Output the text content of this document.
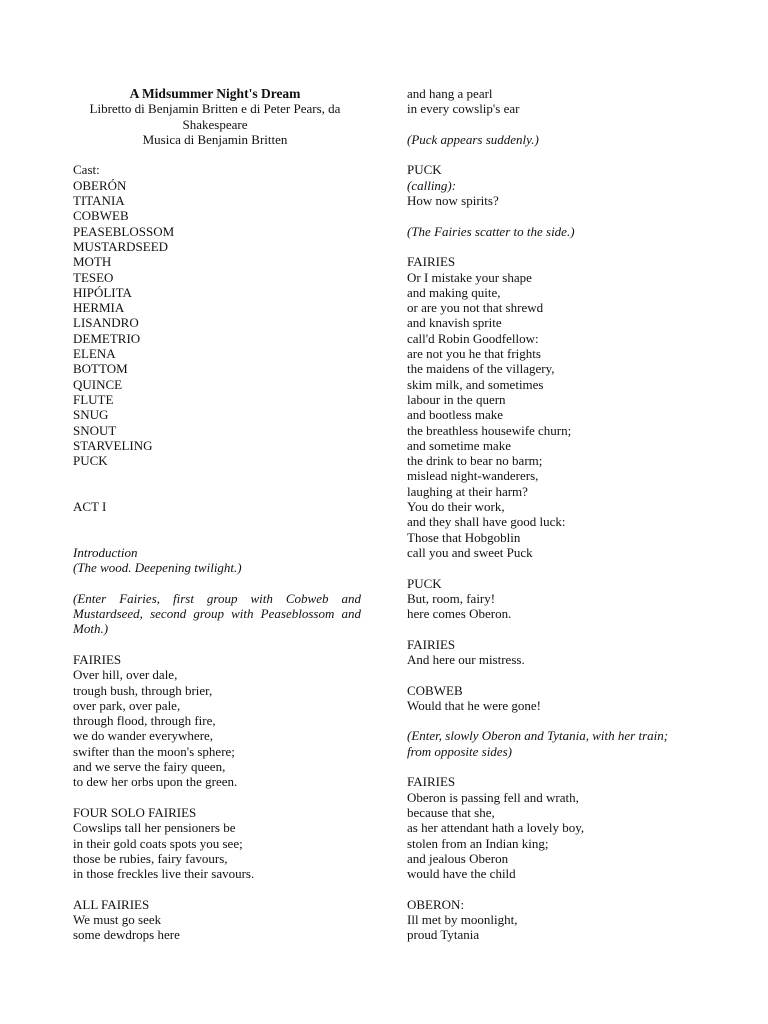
A Midsummer Night's Dream
Libretto di Benjamin Britten e di Peter Pears, da Shakespeare
Musica di Benjamin Britten
Cast:
OBERÓN
TITANIA
COBWEB
PEASEBLOSSOM
MUSTARDSEED
MOTH
TESEO
HIPÓLITA
HERMIA
LISANDRO
DEMETRIO
ELENA
BOTTOM
QUINCE
FLUTE
SNUG
SNOUT
STARVELING
PUCK
ACT I
Introduction
(The wood. Deepening twilight.)
(Enter Fairies, first group with Cobweb and Mustardseed, second group with Peaseblossom and Moth.)
FAIRIES
Over hill, over dale,
trough bush, through brier,
over park, over pale,
through flood, through fire,
we do wander everywhere,
swifter than the moon's sphere;
and we serve the fairy queen,
to dew her orbs upon the green.
FOUR SOLO FAIRIES
Cowslips tall her pensioners be
in their gold coats spots you see;
those be rubies, fairy favours,
in those freckles live their savours.
ALL FAIRIES
We must go seek
some dewdrops here
and hang a pearl
in every cowslip's ear
(Puck appears suddenly.)
PUCK
(calling):
How now spirits?
(The Fairies scatter to the side.)
FAIRIES
Or I mistake your shape
and making quite,
or are you not that shrewd
and knavish sprite
call'd Robin Goodfellow:
are not you he that frights
the maidens of the villagery,
skim milk, and sometimes
labour in the quern
and bootless make
the breathless housewife churn;
and sometime make
the drink to bear no barm;
mislead night-wanderers,
laughing at their harm?
You do their work,
and they shall have good luck:
Those that Hobgoblin
call you and sweet Puck
PUCK
But, room, fairy!
here comes Oberon.
FAIRIES
And here our mistress.
COBWEB
Would that he were gone!
(Enter, slowly Oberon and Tytania, with her train;
from opposite sides)
FAIRIES
Oberon is passing fell and wrath,
because that she,
as her attendant hath a lovely boy,
stolen from an Indian king;
and jealous Oberon
would have the child
OBERON:
Ill met by moonlight,
proud Tytania
